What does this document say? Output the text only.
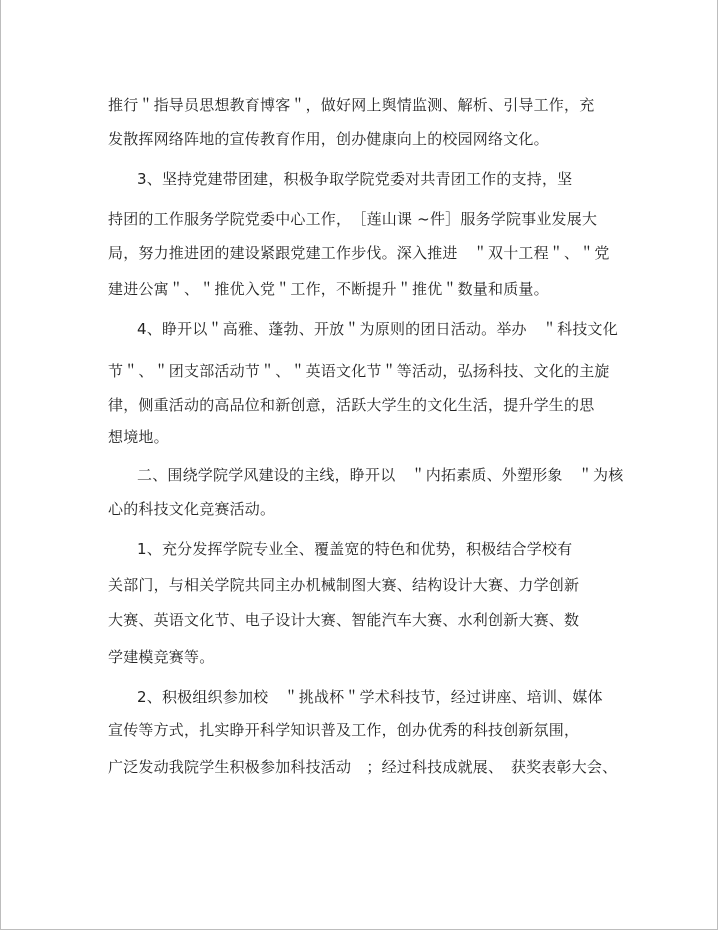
推行＂指导员思想教育博客＂，做好网上舆情监测、解析、引导工作，充
发散挥网络阵地的宣传教育作用，创办健康向上的校园网络文化。
3、坚持党建带团建，积极争取学院党委对共青团工作的支持，坚
持团的工作服务学院党委中心工作，　［莲山课 ~件］服务学院事业发展大
局，努力推进团的建设紧跟党建工作步伐。深入推进　＂双十工程＂、＂党
建进公寓＂、＂推优入党＂工作，不断提升＂推优＂数量和质量。
4、睁开以＂高雅、蓬勃、开放＂为原则的团日活动。举办　＂科技文化
节＂、＂团支部活动节＂、＂英语文化节＂等活动，弘扬科技、文化的主旋
律，侧重活动的高品位和新创意，活跃大学生的文化生活，提升学生的思
想境地。
二、围绕学院学风建设的主线，睁开以　＂内拓素质、外塑形象　＂为核
心的科技文化竞赛活动。
1、充分发挥学院专业全、覆盖宽的特色和优势，积极结合学校有
关部门，与相关学院共同主办机械制图大赛、结构设计大赛、力学创新
大赛、英语文化节、电子设计大赛、智能汽车大赛、水利创新大赛、数
学建模竞赛等。
2、积极组织参加校　＂挑战杯＂学术科技节，经过讲座、培训、媒体
宣传等方式，扎实睁开科学知识普及工作，创办优秀的科技创新氛围，
广泛发动我院学生积极参加科技活动　；经过科技成就展、　获奖表彰大会、
